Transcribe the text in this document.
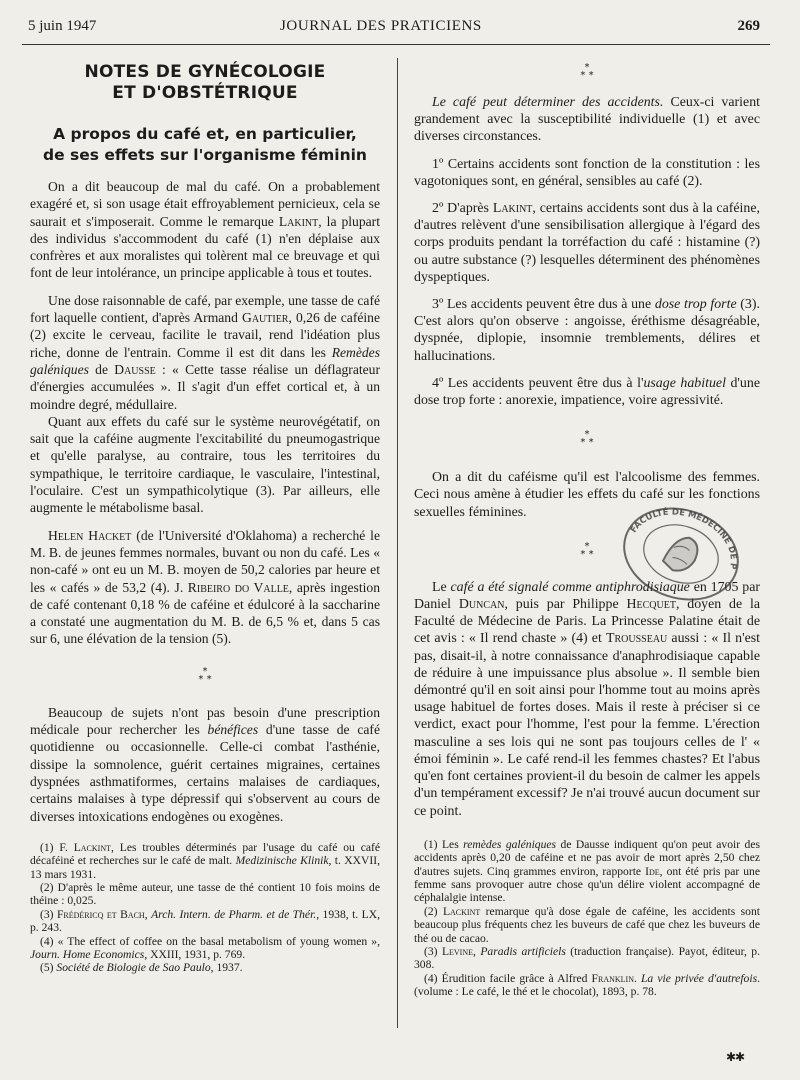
5 juin 1947	JOURNAL DES PRATICIENS	269
NOTES DE GYNÉCOLOGIE
ET D'OBSTÉTRIQUE
A propos du café et, en particulier,
de ses effets sur l'organisme féminin

On a dit beaucoup de mal du café. On a probablement exagéré et, si son usage était effroyablement pernicieux, cela se saurait et s'imposerait. Comme le remarque Lakint, la plupart des individus s'accommodent du café (1) n'en déplaise aux confrères et aux moralistes qui tolèrent mal ce breuvage et qui font de leur intolérance, un principe applicable à tous et toutes.

Une dose raisonnable de café, par exemple, une tasse de café fort laquelle contient, d'après Armand Gautier, 0,26 de caféine (2) excite le cerveau, facilite le travail, rend l'idéation plus riche, donne de l'entrain. Comme il est dit dans les Remèdes galéniques de Dausse : « Cette tasse réalise un déflagrateur d'énergies accumulées ». Il s'agit d'un effet cortical et, à un moindre degré, médullaire.

Quant aux effets du café sur le système neurovégétatif, on sait que la caféine augmente l'excitabilité du pneumogastrique et qu'elle paralyse, au contraire, tous les territoires du sympathique, le territoire cardiaque, le vasculaire, l'intestinal, l'oculaire. C'est un sympathicolytique (3). Par ailleurs, elle augmente le métabolisme basal.

Helen Hacket (de l'Université d'Oklahoma) a recherché le M. B. de jeunes femmes normales, buvant ou non du café. Les « non-café » ont eu un M. B. moyen de 50,2 calories par heure et les « cafés » de 53,2 (4). J. Ribeiro do Valle, après ingestion de café contenant 0,18 % de caféine et édulcoré à la saccharine a constaté une augmentation du M. B. de 6,5 % et, dans 5 cas sur 6, une élévation de la tension (5).

*
* *

Beaucoup de sujets n'ont pas besoin d'une prescription médicale pour rechercher les bénéfices d'une tasse de café quotidienne ou occasionnelle. Celle-ci combat l'asthénie, dissipe la somnolence, guérit certaines migraines, certaines dyspnées asthmatiformes, certains malaises de cardiaques, certains malaises à type dépressif qui s'observent au cours de diverses intoxications endogènes ou exogènes.

(1) F. Lackint, Les troubles déterminés par l'usage du café ou café décaféiné et recherches sur le café de malt. Medizinische Klinik, t. XXVII, 13 mars 1931.

(2) D'après le même auteur, une tasse de thé contient 10 fois moins de théine : 0,025.

(3) Frédéricq et Bach, Arch. Intern. de Pharm. et de Thér., 1938, t. LX, p. 243.

(4) « The effect of coffee on the basal metabolism of young women », Journ. Home Economics, XXIII, 1931, p. 769.

(5) Société de Biologie de Sao Paulo, 1937.

*
* *

Le café peut déterminer des accidents. Ceux-ci varient grandement avec la susceptibilité individuelle (1) et avec diverses circonstances.

1º Certains accidents sont fonction de la constitution : les vagotoniques sont, en général, sensibles au café (2).

2º D'après Lakint, certains accidents sont dus à la caféine, d'autres relèvent d'une sensibilisation allergique à l'égard des corps produits pendant la torréfaction du café : histamine (?) ou autre substance (?) lesquelles déterminent des phénomènes dyspeptiques.

3º Les accidents peuvent être dus à une dose trop forte (3). C'est alors qu'on observe : angoisse, éréthisme désagréable, dyspnée, diplopie, insomnie tremblements, délires et hallucinations.

4º Les accidents peuvent être dus à l'usage habituel d'une dose trop forte : anorexie, impatience, voire agressivité.

*
* *

On a dit du caféisme qu'il est l'alcoolisme des femmes. Ceci nous amène à étudier les effets du café sur les fonctions sexuelles féminines.

*
* *

Le café a été signalé comme antiphrodisiaque en 1705 par Daniel Duncan, puis par Philippe Hecquet, doyen de la Faculté de Médecine de Paris. La Princesse Palatine était de cet avis : « Il rend chaste » (4) et Trousseau aussi : « Il n'est pas, disait-il, à notre connaissance d'anaphrodisiaque capable de réduire à une impuissance plus absolue ». Il semble bien démontré qu'il en soit ainsi pour l'homme tout au moins après usage habituel de fortes doses. Mais il reste à préciser si ce verdict, exact pour l'homme, l'est pour la femme. L'érection masculine a ses lois qui ne sont pas toujours celles de l' « émoi féminin ». Le café rend-il les femmes chastes? Et l'abus qu'en font certaines provient-il du besoin de calmer les appels d'un tempérament excessif? Je n'ai trouvé aucun document sur ce point.

(1) Les remèdes galéniques de Dausse indiquent qu'on peut avoir des accidents après 0,20 de caféine et ne pas avoir de mort après 2,50 chez d'autres sujets. Cinq grammes environ, rapporte Ide, ont été pris par une femme sans provoquer autre chose qu'un délire violent accompagné de céphalalgie intense.

(2) Lackint remarque qu'à dose égale de caféine, les accidents sont beaucoup plus fréquents chez les buveurs de café que chez les buveurs de thé ou de cacao.

(3) Levine, Paradis artificiels (traduction française). Payot, éditeur, p. 308.

(4) Érudition facile grâce à Alfred Franklin. La vie privée d'autrefois. (volume : Le café, le thé et le chocolat), 1893, p. 78.

FACULTÉ DE MÉDECINE DE PARIS
✱✱
